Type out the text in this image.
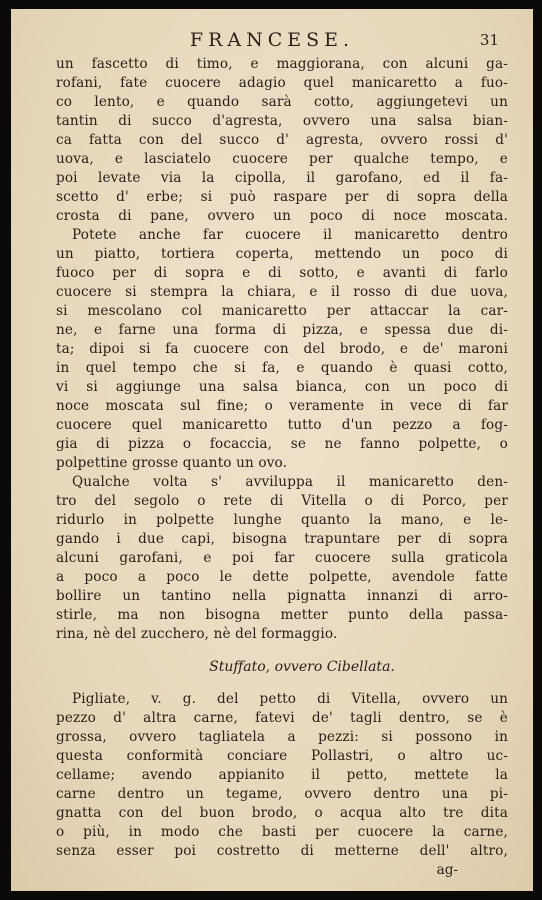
FRANCESE.	31
un fascetto di timo, e maggiorana, con alcuni ga-
rofani, fate cuocere adagio quel manicaretto a fuo-
co lento, e quando sarà cotto, aggiungetevi un
tantin di succo d'agresta, ovvero una salsa bian-
ca fatta con del succo d' agresta, ovvero rossi d'
uova, e lasciatelo cuocere per qualche tempo, e
poi levate via la cipolla, il garofano, ed il fa-
scetto d' erbe; si può raspare per di sopra della
crosta di pane, ovvero un poco di noce moscata.
Potete anche far cuocere il manicaretto dentro
un piatto, tortiera coperta, mettendo un poco di
fuoco per di sopra e di sotto, e avanti di farlo
cuocere si stempra la chiara, e il rosso di due uova,
si mescolano col manicaretto per attaccar la car-
ne, e farne una forma di pizza, e spessa due di-
ta; dipoi si fa cuocere con del brodo, e de' maroni
in quel tempo che si fa, e quando è quasi cotto,
vi si aggiunge una salsa bianca, con un poco di
noce moscata sul fine; o veramente in vece di far
cuocere quel manicaretto tutto d'un pezzo a fog-
gia di pizza o focaccia, se ne fanno polpette, o
polpettine grosse quanto un ovo.
Qualche volta s' avviluppa il manicaretto den-
tro del segolo o rete di Vitella o di Porco, per
ridurlo in polpette lunghe quanto la mano, e le-
gando i due capi, bisogna trapuntare per di sopra
alcuni garofani, e poi far cuocere sulla graticola
a poco a poco le dette polpette, avendole fatte
bollire un tantino nella pignatta innanzi di arro-
stirle, ma non bisogna metter punto della passa-
rina, nè del zucchero, nè del formaggio.
Stuffato, ovvero Cibellata.
Pigliate, v. g. del petto di Vitella, ovvero un
pezzo d' altra carne, fatevi de' tagli dentro, se è
grossa, ovvero tagliatela a pezzi: si possono in
questa conformità conciare Pollastri, o altro uc-
cellame; avendo appianito il petto, mettete la
carne dentro un tegame, ovvero dentro una pi-
gnatta con del buon brodo, o acqua alto tre dita
o più, in modo che basti per cuocere la carne,
senza esser poi costretto di metterne dell' altro,
ag-
